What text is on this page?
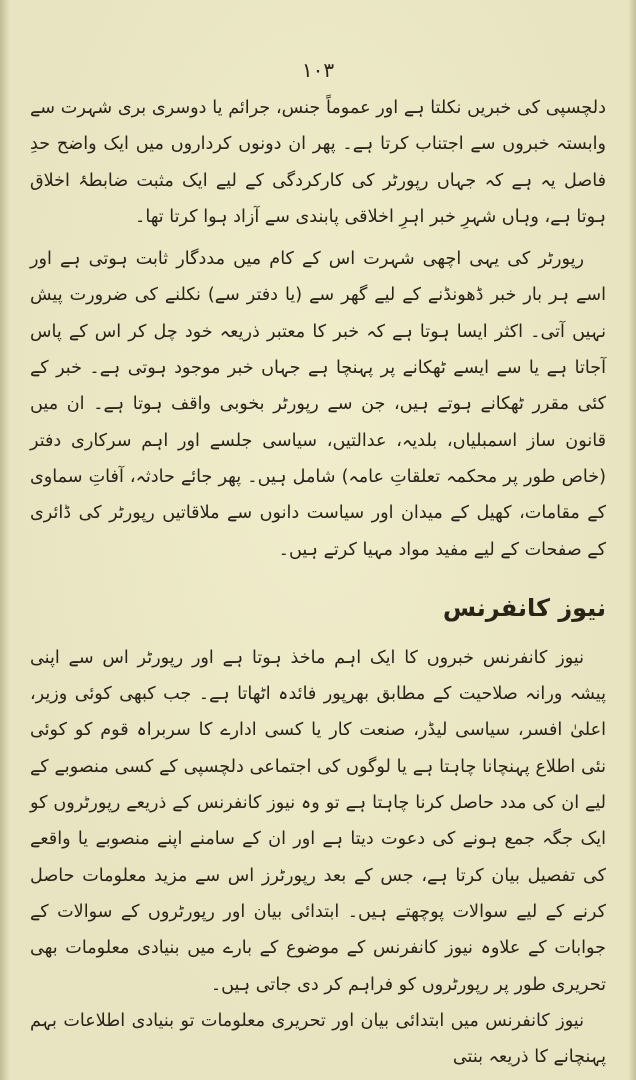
١٠٣

دلچسپی کی خبریں نکلتا ہے اور عموماً جنس، جرائم یا دوسری بری شہرت سے وابستہ خبروں سے اجتناب کرتا ہے۔ پھر ان دونوں کرداروں میں ایک واضح حدِ فاصل یہ ہے کہ جہاں رپورٹر کی کارکردگی کے لیے ایک مثبت ضابطۂ اخلاق ہوتا ہے، وہاں شہرِ خبر اہرِ اخلاقی پابندی سے آزاد ہوا کرتا تھا۔

رپورٹر کی یہی اچھی شہرت اس کے کام میں مددگار ثابت ہوتی ہے اور اسے ہر بار خبر ڈھونڈنے کے لیے گھر سے (یا دفتر سے) نکلنے کی ضرورت پیش نہیں آتی۔ اکثر ایسا ہوتا ہے کہ خبر کا معتبر ذریعہ خود چل کر اس کے پاس آجاتا ہے یا سے ایسے ٹھکانے پر پہنچا ہے جہاں خبر موجود ہوتی ہے۔ خبر کے کئی مقرر ٹھکانے ہوتے ہیں، جن سے رپورٹر بخوبی واقف ہوتا ہے۔ ان میں قانون ساز اسمبلیاں، بلدیہ، عدالتیں، سیاسی جلسے اور اہم سرکاری دفتر (خاص طور پر محکمہ تعلقاتِ عامہ) شامل ہیں۔ پھر جائے حادثہ، آفاتِ سماوی کے مقامات، کھیل کے میدان اور سیاست دانوں سے ملاقاتیں رپورٹر کی ڈائری کے صفحات کے لیے مفید مواد مہیا کرتے ہیں۔

نیوز کانفرنس

نیوز کانفرنس خبروں کا ایک اہم ماخذ ہوتا ہے اور رپورٹر اس سے اپنی پیشہ ورانہ صلاحیت کے مطابق بھرپور فائدہ اٹھاتا ہے۔ جب کبھی کوئی وزیر، اعلیٰ افسر، سیاسی لیڈر، صنعت کار یا کسی ادارے کا سربراہ قوم کو کوئی نئی اطلاع پہنچانا چاہتا ہے یا لوگوں کی اجتماعی دلچسپی کے کسی منصوبے کے لیے ان کی مدد حاصل کرنا چاہتا ہے تو وہ نیوز کانفرنس کے ذریعے رپورٹروں کو ایک جگہ جمع ہونے کی دعوت دیتا ہے اور ان کے سامنے اپنے منصوبے یا واقعے کی تفصیل بیان کرتا ہے، جس کے بعد رپورٹرز اس سے مزید معلومات حاصل کرنے کے لیے سوالات پوچھتے ہیں۔ ابتدائی بیان اور رپورٹروں کے سوالات کے جوابات کے علاوہ نیوز کانفرنس کے موضوع کے بارے میں بنیادی معلومات بھی تحریری طور پر رپورٹروں کو فراہم کر دی جاتی ہیں۔

نیوز کانفرنس میں ابتدائی بیان اور تحریری معلومات تو بنیادی اطلاعات بہم پہنچانے کا ذریعہ بنتی
